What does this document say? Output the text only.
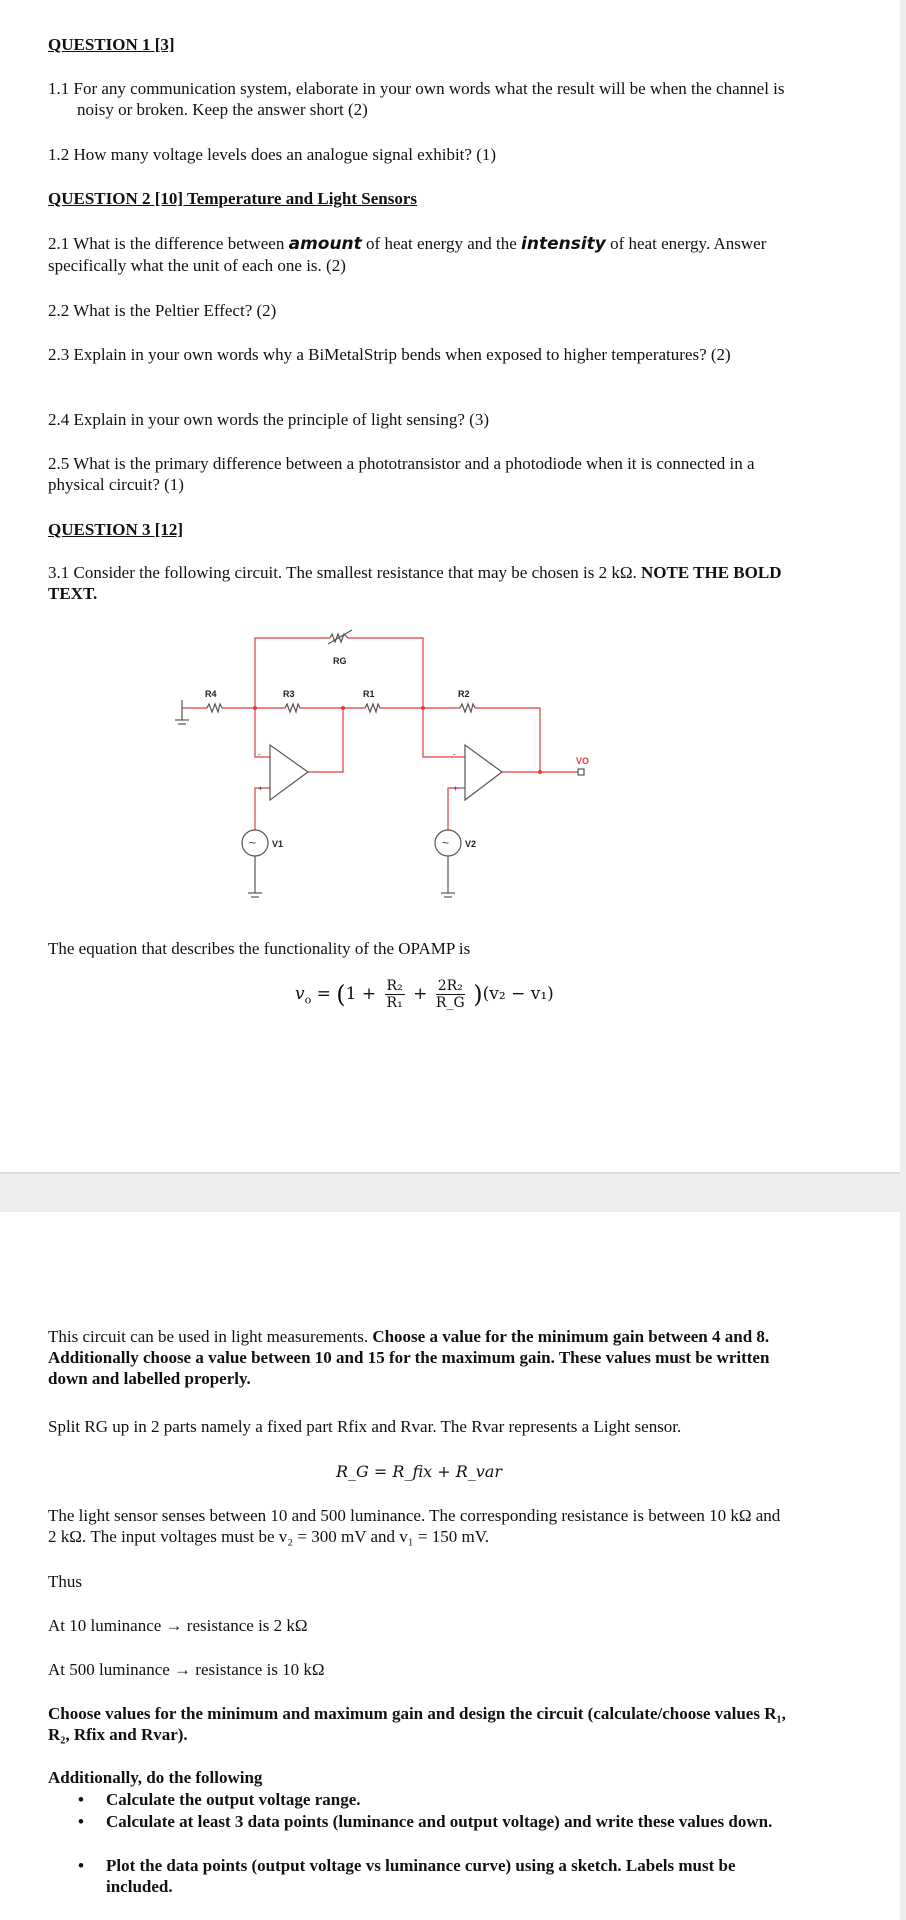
QUESTION 1 [3]

1.1 For any communication system, elaborate in your own words what the result will be when the channel is noisy or broken. Keep the answer short (2)

1.2 How many voltage levels does an analogue signal exhibit? (1)

QUESTION 2 [10] Temperature and Light Sensors

2.1 What is the difference between amount of heat energy and the intensity of heat energy. Answer specifically what the unit of each one is. (2)

2.2 What is the Peltier Effect? (2)

2.3 Explain in your own words why a BiMetalStrip bends when exposed to higher temperatures? (2)

2.4 Explain in your own words the principle of light sensing? (3)

2.5 What is the primary difference between a phototransistor and a photodiode when it is connected in a physical circuit? (1)

QUESTION 3 [12]

3.1 Consider the following circuit. The smallest resistance that may be chosen is 2 kΩ. NOTE THE BOLD TEXT.

-
+
-
+
~	~
RG
R4	R3	R1	R2
V1	V2
VO

The equation that describes the functionality of the OPAMP is

$v_o = (1 + \frac{\text{R₂}}{\text{R₁}} + \frac{\text{2R₂}}{R\_G} )(v_2 - v_1)$

This circuit can be used in light measurements. Choose a value for the minimum gain between 4 and 8. Additionally choose a value between 10 and 15 for the maximum gain. These values must be written down and labelled properly.

Split RG up in 2 parts namely a fixed part Rfix and Rvar. The Rvar represents a Light sensor.

R_G = R_fix + R_var

The light sensor senses between 10 and 500 luminance. The corresponding resistance is between 10 kΩ and 2 kΩ. The input voltages must be v₂ = 300 mV and v₁ = 150 mV.

Thus

At 10 luminance → resistance is 2 kΩ

At 500 luminance → resistance is 10 kΩ

Choose values for the minimum and maximum gain and design the circuit (calculate/choose values R₁, R₂, Rfix and Rvar).

Additionally, do the following

•	Calculate the output voltage range.
•	Calculate at least 3 data points (luminance and output voltage) and write these values down.
•	Plot the data points (output voltage vs luminance curve) using a sketch. Labels must be included.
